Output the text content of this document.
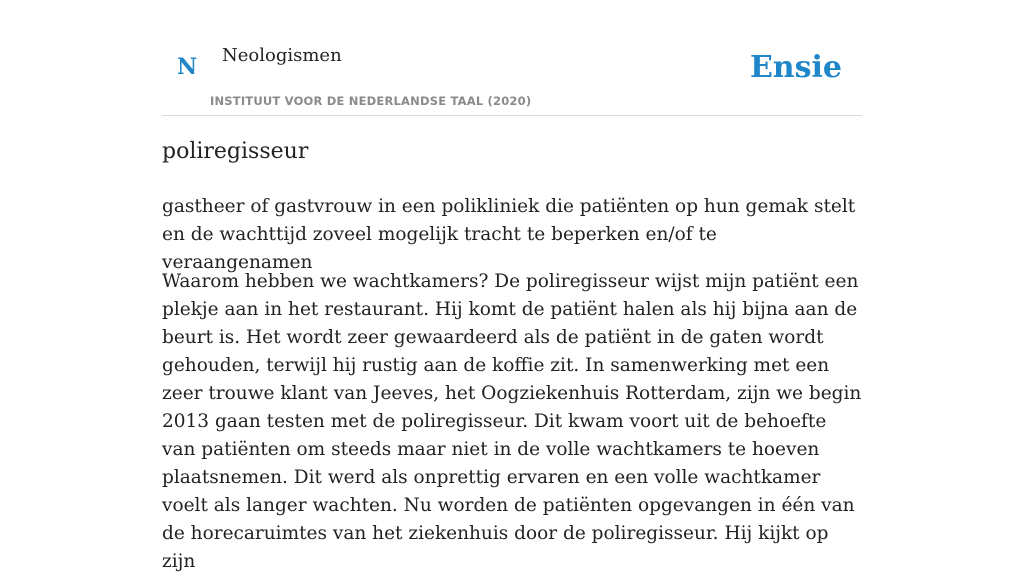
N Neologismen
INSTITUUT VOOR DE NEDERLANDSE TAAL (2020)
Ensie
poliregisseur

gastheer of gastvrouw in een polikliniek die patiënten op hun gemak stelt en de wachttijd zoveel mogelijk tracht te beperken en/of te veraangenamen

Waarom hebben we wachtkamers? De poliregisseur wijst mijn patiënt een plekje aan in het restaurant. Hij komt de patiënt halen als hij bijna aan de beurt is. Het wordt zeer gewaardeerd als de patiënt in de gaten wordt gehouden, terwijl hij rustig aan de koffie zit. In samenwerking met een zeer trouwe klant van Jeeves, het Oogziekenhuis Rotterdam, zijn we begin 2013 gaan testen met de poliregisseur. Dit kwam voort uit de behoefte van patiënten om steeds maar niet in de volle wachtkamers te hoeven plaatsnemen. Dit werd als onprettig ervaren en een volle wachtkamer voelt als langer wachten. Nu worden de patiënten opgevangen in één van de horecaruimtes van het ziekenhuis door de poliregisseur. Hij kijkt op zijn
